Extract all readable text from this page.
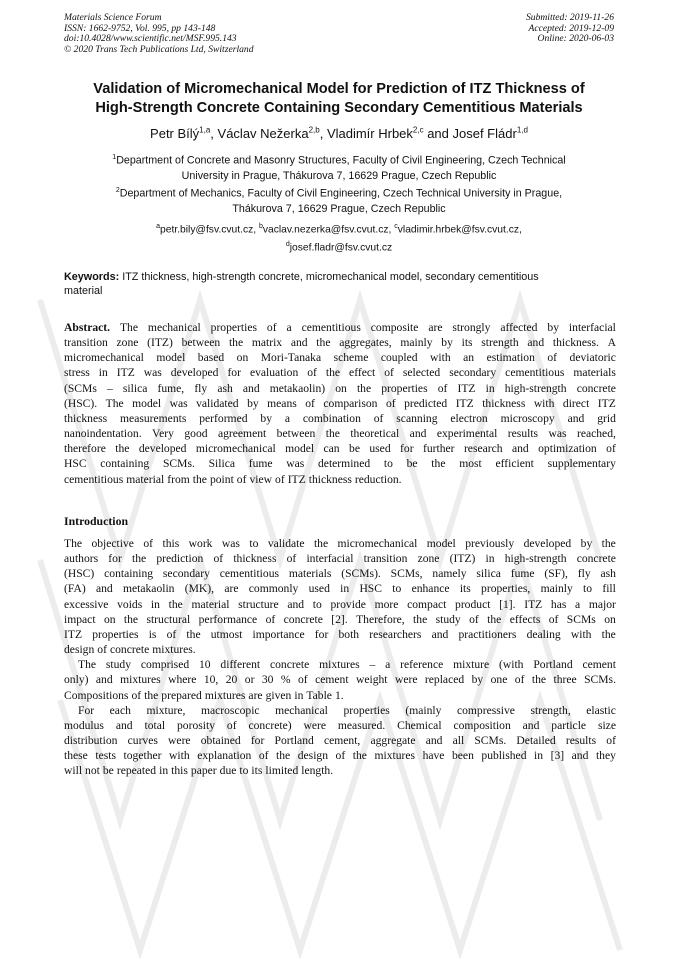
Materials Science Forum
ISSN: 1662-9752, Vol. 995, pp 143-148
doi:10.4028/www.scientific.net/MSF.995.143
© 2020 Trans Tech Publications Ltd, Switzerland
Submitted: 2019-11-26
Accepted: 2019-12-09
Online: 2020-06-03
Validation of Micromechanical Model for Prediction of ITZ Thickness of
High-Strength Concrete Containing Secondary Cementitious Materials
Petr Bílý$^{1,a}$, Václav Nežerka$^{2,b}$, Vladimír Hrbek$^{2,c}$ and Josef Fládr$^{1,d}$
$^1$Department of Concrete and Masonry Structures, Faculty of Civil Engineering, Czech Technical
University in Prague, Thákurova 7, 16629 Prague, Czech Republic
$^2$Department of Mechanics, Faculty of Civil Engineering, Czech Technical University in Prague,
Thákurova 7, 16629 Prague, Czech Republic
$^a$petr.bily@fsv.cvut.cz, $^b$vaclav.nezerka@fsv.cvut.cz, $^c$vladimir.hrbek@fsv.cvut.cz,
$^d$josef.fladr@fsv.cvut.cz
Keywords: ITZ thickness, high-strength concrete, micromechanical model, secondary cementitious
material
Abstract. The mechanical properties of a cementitious composite are strongly affected by interfacial
transition zone (ITZ) between the matrix and the aggregates, mainly by its strength and thickness. A
micromechanical model based on Mori-Tanaka scheme coupled with an estimation of deviatoric
stress in ITZ was developed for evaluation of the effect of selected secondary cementitious materials
(SCMs – silica fume, fly ash and metakaolin) on the properties of ITZ in high-strength concrete
(HSC). The model was validated by means of comparison of predicted ITZ thickness with direct ITZ
thickness measurements performed by a combination of scanning electron microscopy and grid
nanoindentation. Very good agreement between the theoretical and experimental results was reached,
therefore the developed micromechanical model can be used for further research and optimization of
HSC containing SCMs. Silica fume was determined to be the most efficient supplementary
cementitious material from the point of view of ITZ thickness reduction.
Introduction
The objective of this work was to validate the micromechanical model previously developed by the
authors for the prediction of thickness of interfacial transition zone (ITZ) in high-strength concrete
(HSC) containing secondary cementitious materials (SCMs). SCMs, namely silica fume (SF), fly ash
(FA) and metakaolin (MK), are commonly used in HSC to enhance its properties, mainly to fill
excessive voids in the material structure and to provide more compact product [1]. ITZ has a major
impact on the structural performance of concrete [2]. Therefore, the study of the effects of SCMs on
ITZ properties is of the utmost importance for both researchers and practitioners dealing with the
design of concrete mixtures.
The study comprised 10 different concrete mixtures – a reference mixture (with Portland cement
only) and mixtures where 10, 20 or 30 % of cement weight were replaced by one of the three SCMs.
Compositions of the prepared mixtures are given in Table 1.
For each mixture, macroscopic mechanical properties (mainly compressive strength, elastic
modulus and total porosity of concrete) were measured. Chemical composition and particle size
distribution curves were obtained for Portland cement, aggregate and all SCMs. Detailed results of
these tests together with explanation of the design of the mixtures have been published in [3] and they
will not be repeated in this paper due to its limited length.
